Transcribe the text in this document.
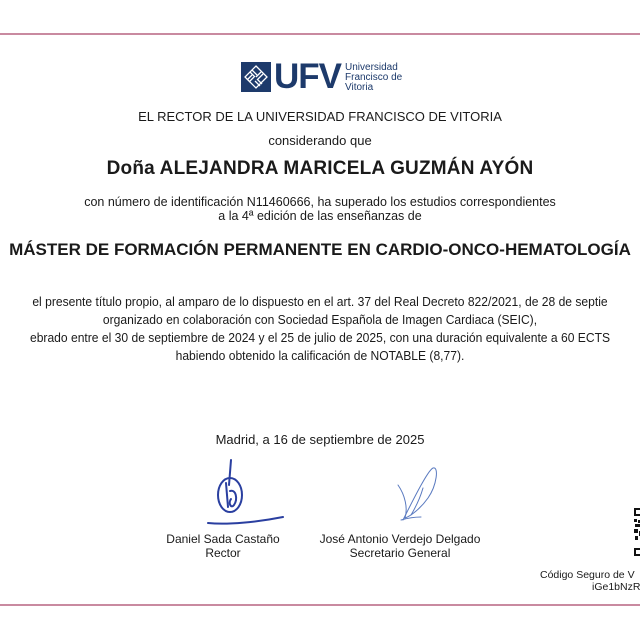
UFV Universidad
Francisco de
Vitoria
EL RECTOR DE LA UNIVERSIDAD FRANCISCO DE VITORIA
considerando que
Doña ALEJANDRA MARICELA GUZMÁN AYÓN
con número de identificación N11460666, ha superado los estudios correspondientes
a la 4ª edición de las enseñanzas de
MÁSTER DE FORMACIÓN PERMANENTE EN CARDIO-ONCO-HEMATOLOGÍA
el presente título propio, al amparo de lo dispuesto en el art. 37 del Real Decreto 822/2021, de 28 de septie
organizado en colaboración con Sociedad Española de Imagen Cardiaca (SEIC),
ebrado entre el 30 de septiembre de 2024 y el 25 de julio de 2025, con una duración equivalente a 60 ECTS
habiendo obtenido la calificación de NOTABLE (8,77).
Madrid, a 16 de septiembre de 2025
Daniel Sada Castaño
Rector
José Antonio Verdejo Delgado
Secretario General
Código Seguro de V
iGe1bNzR
